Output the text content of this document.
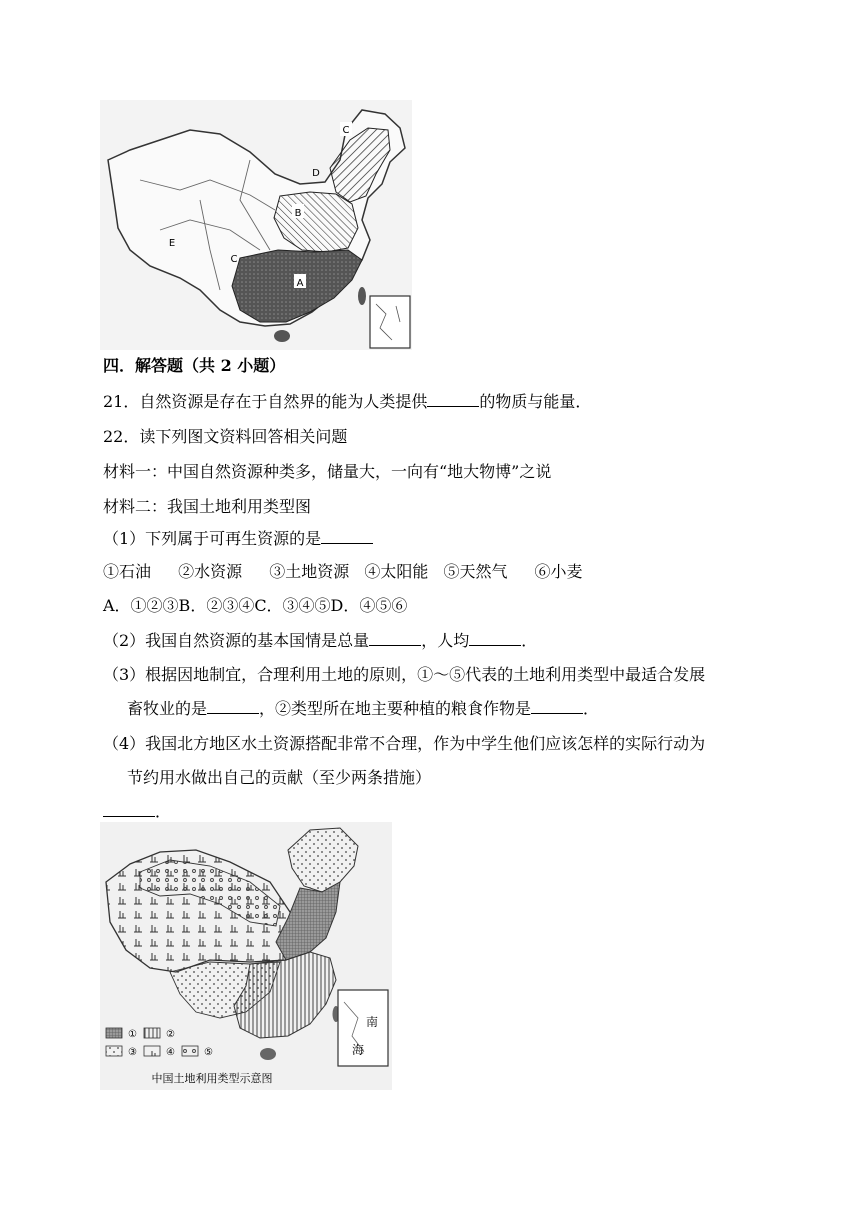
C
D
B
E
C
A
四．解答题（共 2 小题）
21．自然资源是存在于自然界的能为人类提供	的物质与能量．
22．读下列图文资料回答相关问题
材料一：中国自然资源种类多，储量大，一向有“地大物博”之说
材料二：我国土地利用类型图
（1）下列属于可再生资源的是
①石油 ②水资源 ③土地资源 ④太阳能 ⑤天然气 ⑥小麦
A．①②③B．②③④C．③④⑤D．④⑤⑥
（2）我国自然资源的基本国情是总量	，人均	．
（3）根据因地制宜，合理利用土地的原则，①～⑤代表的土地利用类型中最适合发展
畜牧业的是	，②类型所在地主要种植的粮食作物是	．
（4）我国北方地区水土资源搭配非常不合理，作为中学生他们应该怎样的实际行动为
节约用水做出自己的贡献（至少两条措施）
．
南
海
①	②
③	④	⑤
中国土地利用类型示意图
